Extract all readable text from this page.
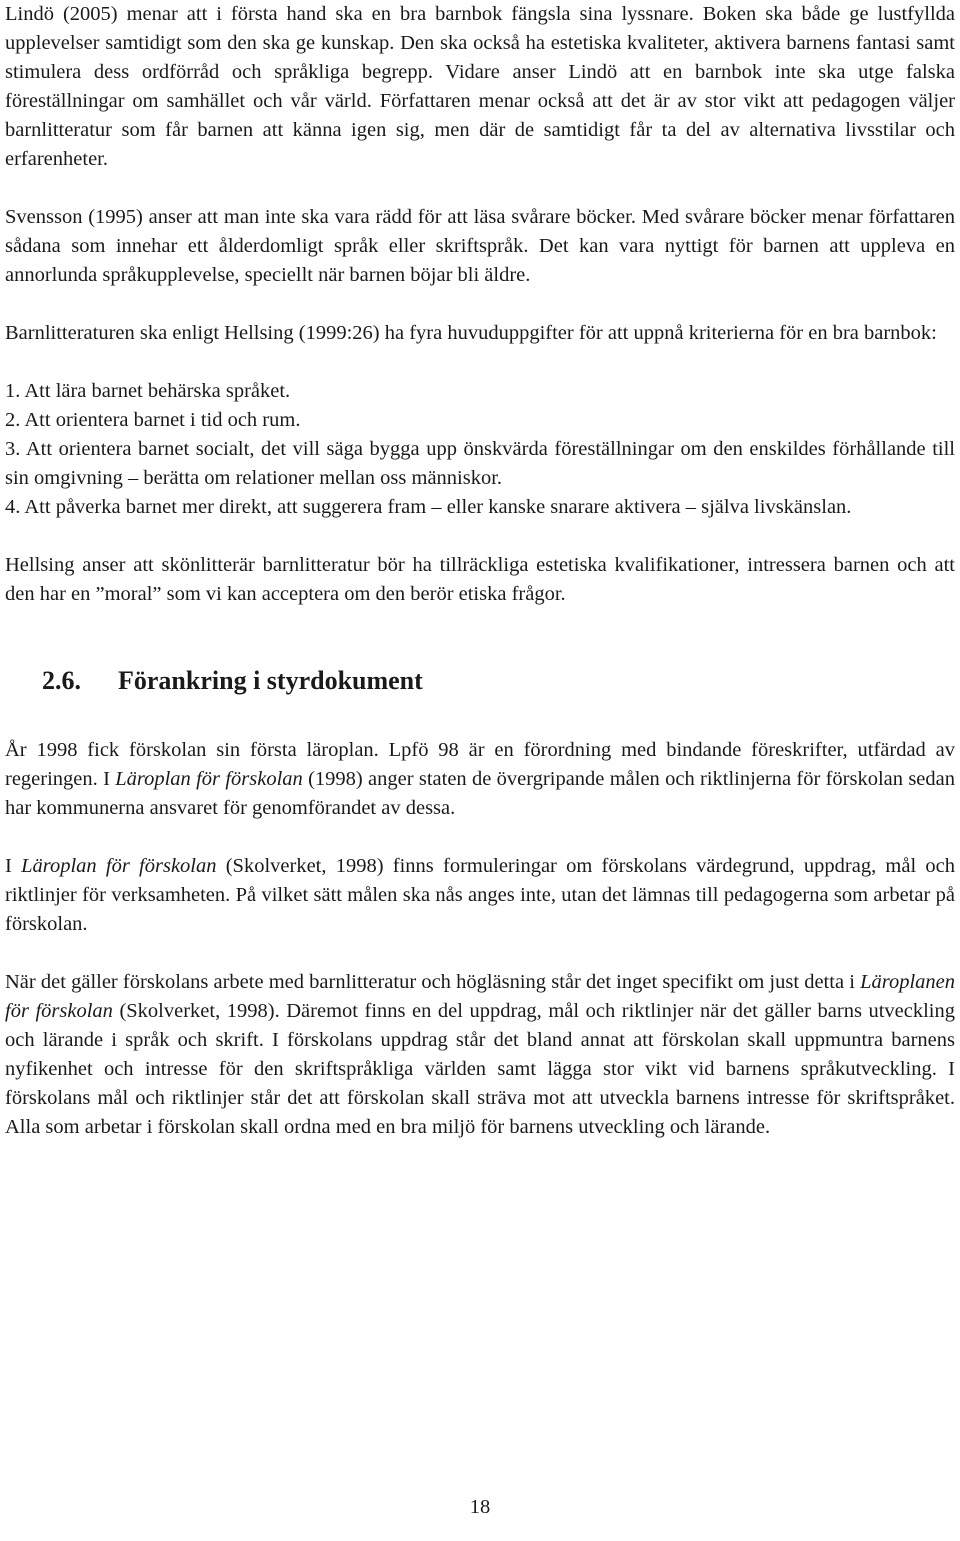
Lindö (2005) menar att i första hand ska en bra barnbok fängsla sina lyssnare. Boken ska både ge lustfyllda upplevelser samtidigt som den ska ge kunskap. Den ska också ha estetiska kvaliteter, aktivera barnens fantasi samt stimulera dess ordförråd och språkliga begrepp. Vidare anser Lindö att en barnbok inte ska utge falska föreställningar om samhället och vår värld. Författaren menar också att det är av stor vikt att pedagogen väljer barnlitteratur som får barnen att känna igen sig, men där de samtidigt får ta del av alternativa livsstilar och erfarenheter.

Svensson (1995) anser att man inte ska vara rädd för att läsa svårare böcker. Med svårare böcker menar författaren sådana som innehar ett ålderdomligt språk eller skriftspråk. Det kan vara nyttigt för barnen att uppleva en annorlunda språkupplevelse, speciellt när barnen böjar bli äldre.

Barnlitteraturen ska enligt Hellsing (1999:26) ha fyra huvuduppgifter för att uppnå kriterierna för en bra barnbok:

1. Att lära barnet behärska språket.

2. Att orientera barnet i tid och rum.

3. Att orientera barnet socialt, det vill säga bygga upp önskvärda föreställningar om den enskildes förhållande till sin omgivning – berätta om relationer mellan oss människor.

4. Att påverka barnet mer direkt, att suggerera fram – eller kanske snarare aktivera – själva livskänslan.

Hellsing anser att skönlitterär barnlitteratur bör ha tillräckliga estetiska kvalifikationer, intressera barnen och att den har en ”moral” som vi kan acceptera om den berör etiska frågor.

2.6. Förankring i styrdokument

År 1998 fick förskolan sin första läroplan. Lpfö 98 är en förordning med bindande föreskrifter, utfärdad av regeringen. I Läroplan för förskolan (1998) anger staten de övergripande målen och riktlinjerna för förskolan sedan har kommunerna ansvaret för genomförandet av dessa.

I Läroplan för förskolan (Skolverket, 1998) finns formuleringar om förskolans värdegrund, uppdrag, mål och riktlinjer för verksamheten. På vilket sätt målen ska nås anges inte, utan det lämnas till pedagogerna som arbetar på förskolan.

När det gäller förskolans arbete med barnlitteratur och högläsning står det inget specifikt om just detta i Läroplanen för förskolan (Skolverket, 1998). Däremot finns en del uppdrag, mål och riktlinjer när det gäller barns utveckling och lärande i språk och skrift. I förskolans uppdrag står det bland annat att förskolan skall uppmuntra barnens nyfikenhet och intresse för den skriftspråkliga världen samt lägga stor vikt vid barnens språkutveckling. I förskolans mål och riktlinjer står det att förskolan skall sträva mot att utveckla barnens intresse för skriftspråket. Alla som arbetar i förskolan skall ordna med en bra miljö för barnens utveckling och lärande.

18
